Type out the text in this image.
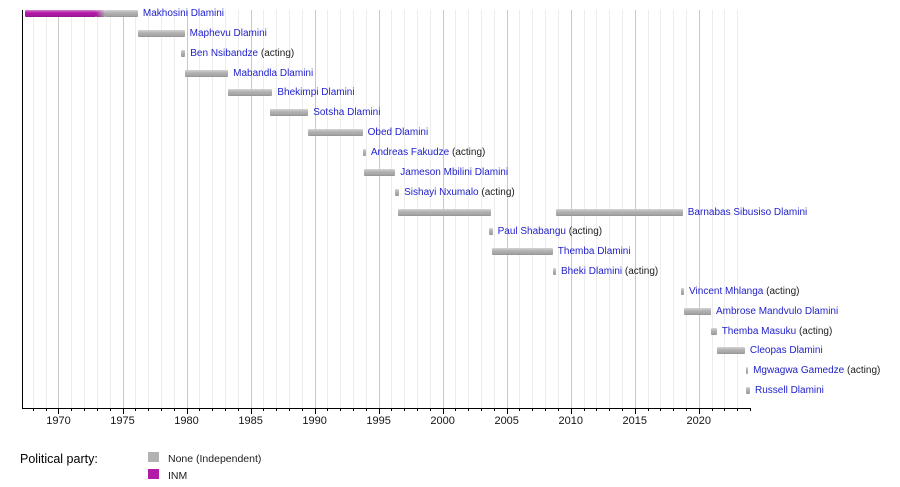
1970	1975	1980	1985	1990	1995	2000	2005	2010	2015	2020
Makhosini Dlamini
Maphevu Dlamini
Ben Nsibandze (acting)
Mabandla Dlamini
Bhekimpi Dlamini
Sotsha Dlamini
Obed Dlamini
Andreas Fakudze (acting)
Jameson Mbilini Dlamini
Sishayi Nxumalo (acting)
Barnabas Sibusiso Dlamini
Paul Shabangu (acting)
Themba Dlamini
Bheki Dlamini (acting)
Vincent Mhlanga (acting)
Ambrose Mandvulo Dlamini
Themba Masuku (acting)
Cleopas Dlamini
Mgwagwa Gamedze (acting)
Russell Dlamini
Political party:	None (Independent)
INM
